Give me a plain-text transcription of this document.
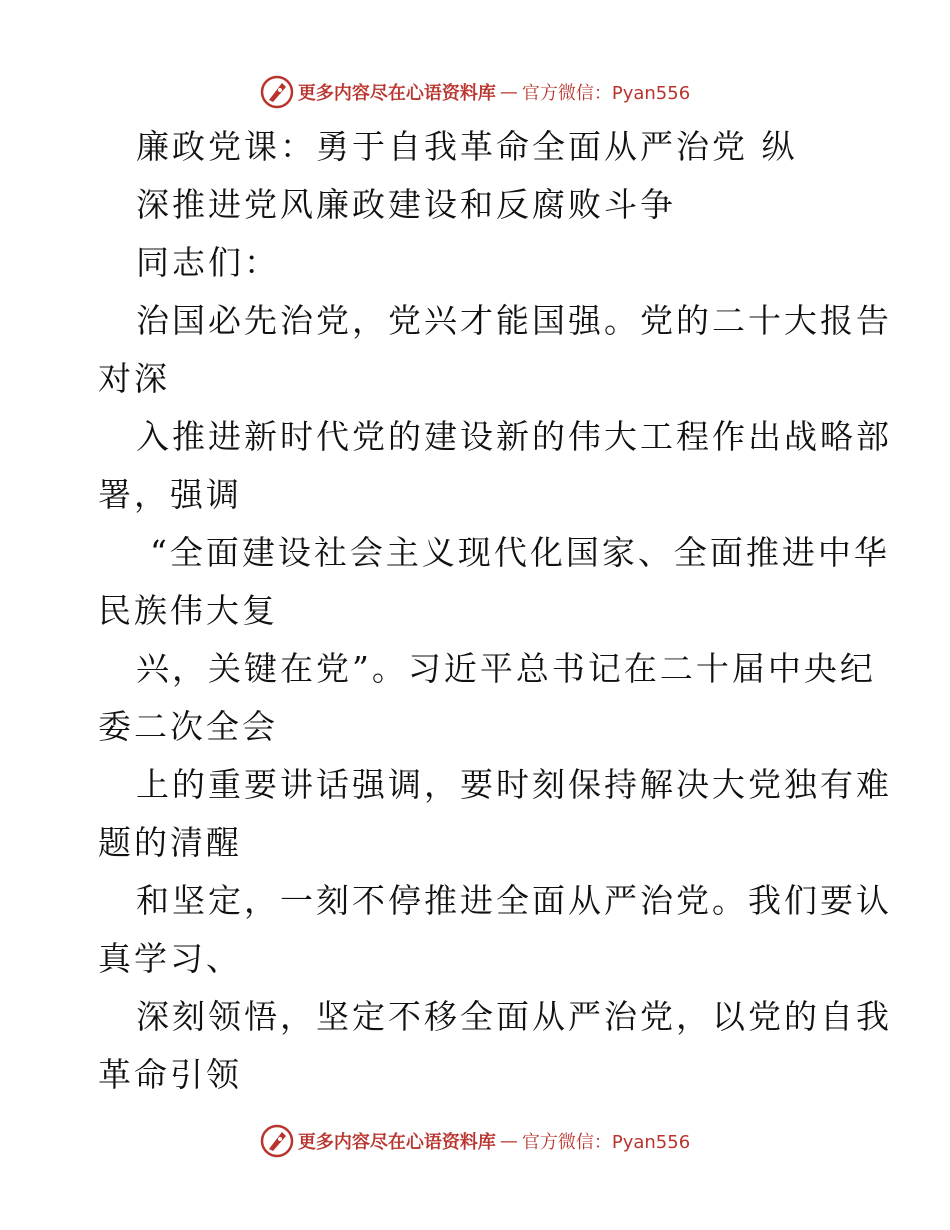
更多内容尽在心语资料库 — 官方微信：Pyan556
廉政党课：勇于自我革命全面从严治党 纵
深推进党风廉政建设和反腐败斗争
同志们：
治国必先治党，党兴才能国强。党的二十大报告
对深
入推进新时代党的建设新的伟大工程作出战略部
署，强调
“全面建设社会主义现代化国家、全面推进中华
民族伟大复
兴，关键在党”。习近平总书记在二十届中央纪
委二次全会
上的重要讲话强调，要时刻保持解决大党独有难
题的清醒
和坚定，一刻不停推进全面从严治党。我们要认
真学习、
深刻领悟，坚定不移全面从严治党，以党的自我
革命引领
更多内容尽在心语资料库 — 官方微信：Pyan556
